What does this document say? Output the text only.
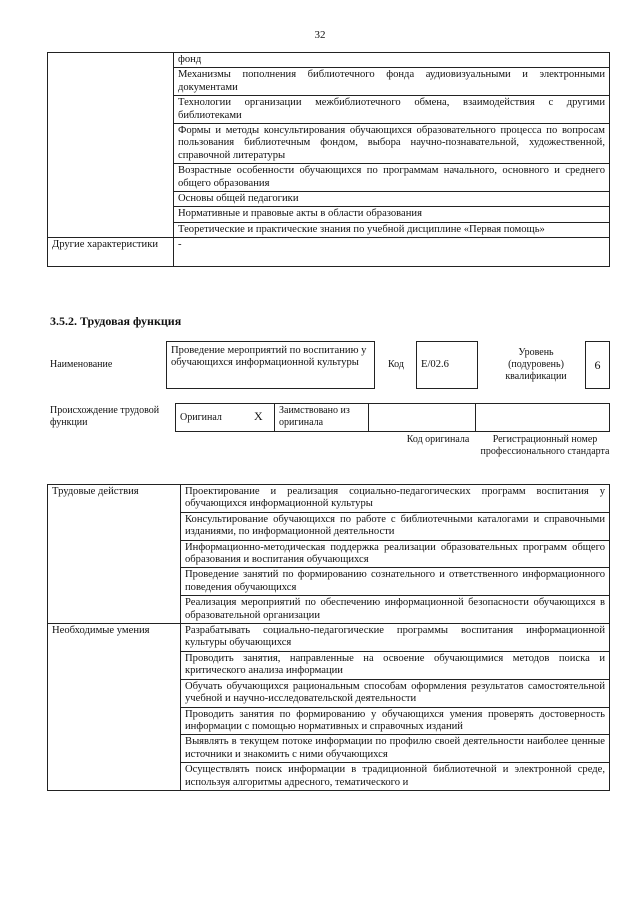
32
	фонд
	Механизмы пополнения библиотечного фонда аудиовизуальными и электронными документами
	Технологии организации межбиблиотечного обмена, взаимодействия с другими библиотеками
	Формы и методы консультирования обучающихся образовательного процесса по вопросам пользования библиотечным фондом, выбора научно-познавательной, художественной, справочной литературы
	Возрастные особенности обучающихся по программам начального, основного и среднего общего образования
	Основы общей педагогики
	Нормативные и правовые акты в области образования
	Теоретические и практические знания по учебной дисциплине «Первая помощь»
Другие характеристики	-
3.5.2. Трудовая функция
Наименование
Проведение мероприятий по воспитанию у обучающихся информационной культуры	Код	E/02.6
Уровень (подуровень) квалификации
6
Происхождение трудовой функции	Оригинал	X	Заимствовано из оригинала
Код оригинала	Регистрационный номер профессионального стандарта
Трудовые действия	Проектирование и реализация социально-педагогических программ воспитания у обучающихся информационной культуры
	Консультирование обучающихся по работе с библиотечными каталогами и справочными изданиями, по информационной деятельности
	Информационно-методическая поддержка реализации образовательных программ общего образования и воспитания обучающихся
	Проведение занятий по формированию сознательного и ответственного информационного поведения обучающихся
	Реализация мероприятий по обеспечению информационной безопасности обучающихся в образовательной организации
Необходимые умения	Разрабатывать социально-педагогические программы воспитания информационной культуры обучающихся
	Проводить занятия, направленные на освоение обучающимися методов поиска и критического анализа информации
	Обучать обучающихся рациональным способам оформления результатов самостоятельной учебной и научно-исследовательской деятельности
	Проводить занятия по формированию у обучающихся умения проверять достоверность информации с помощью нормативных и справочных изданий
	Выявлять в текущем потоке информации по профилю своей деятельности наиболее ценные источники и знакомить с ними обучающихся
	Осуществлять поиск информации в традиционной библиотечной и электронной среде, используя алгоритмы адресного, тематического и
